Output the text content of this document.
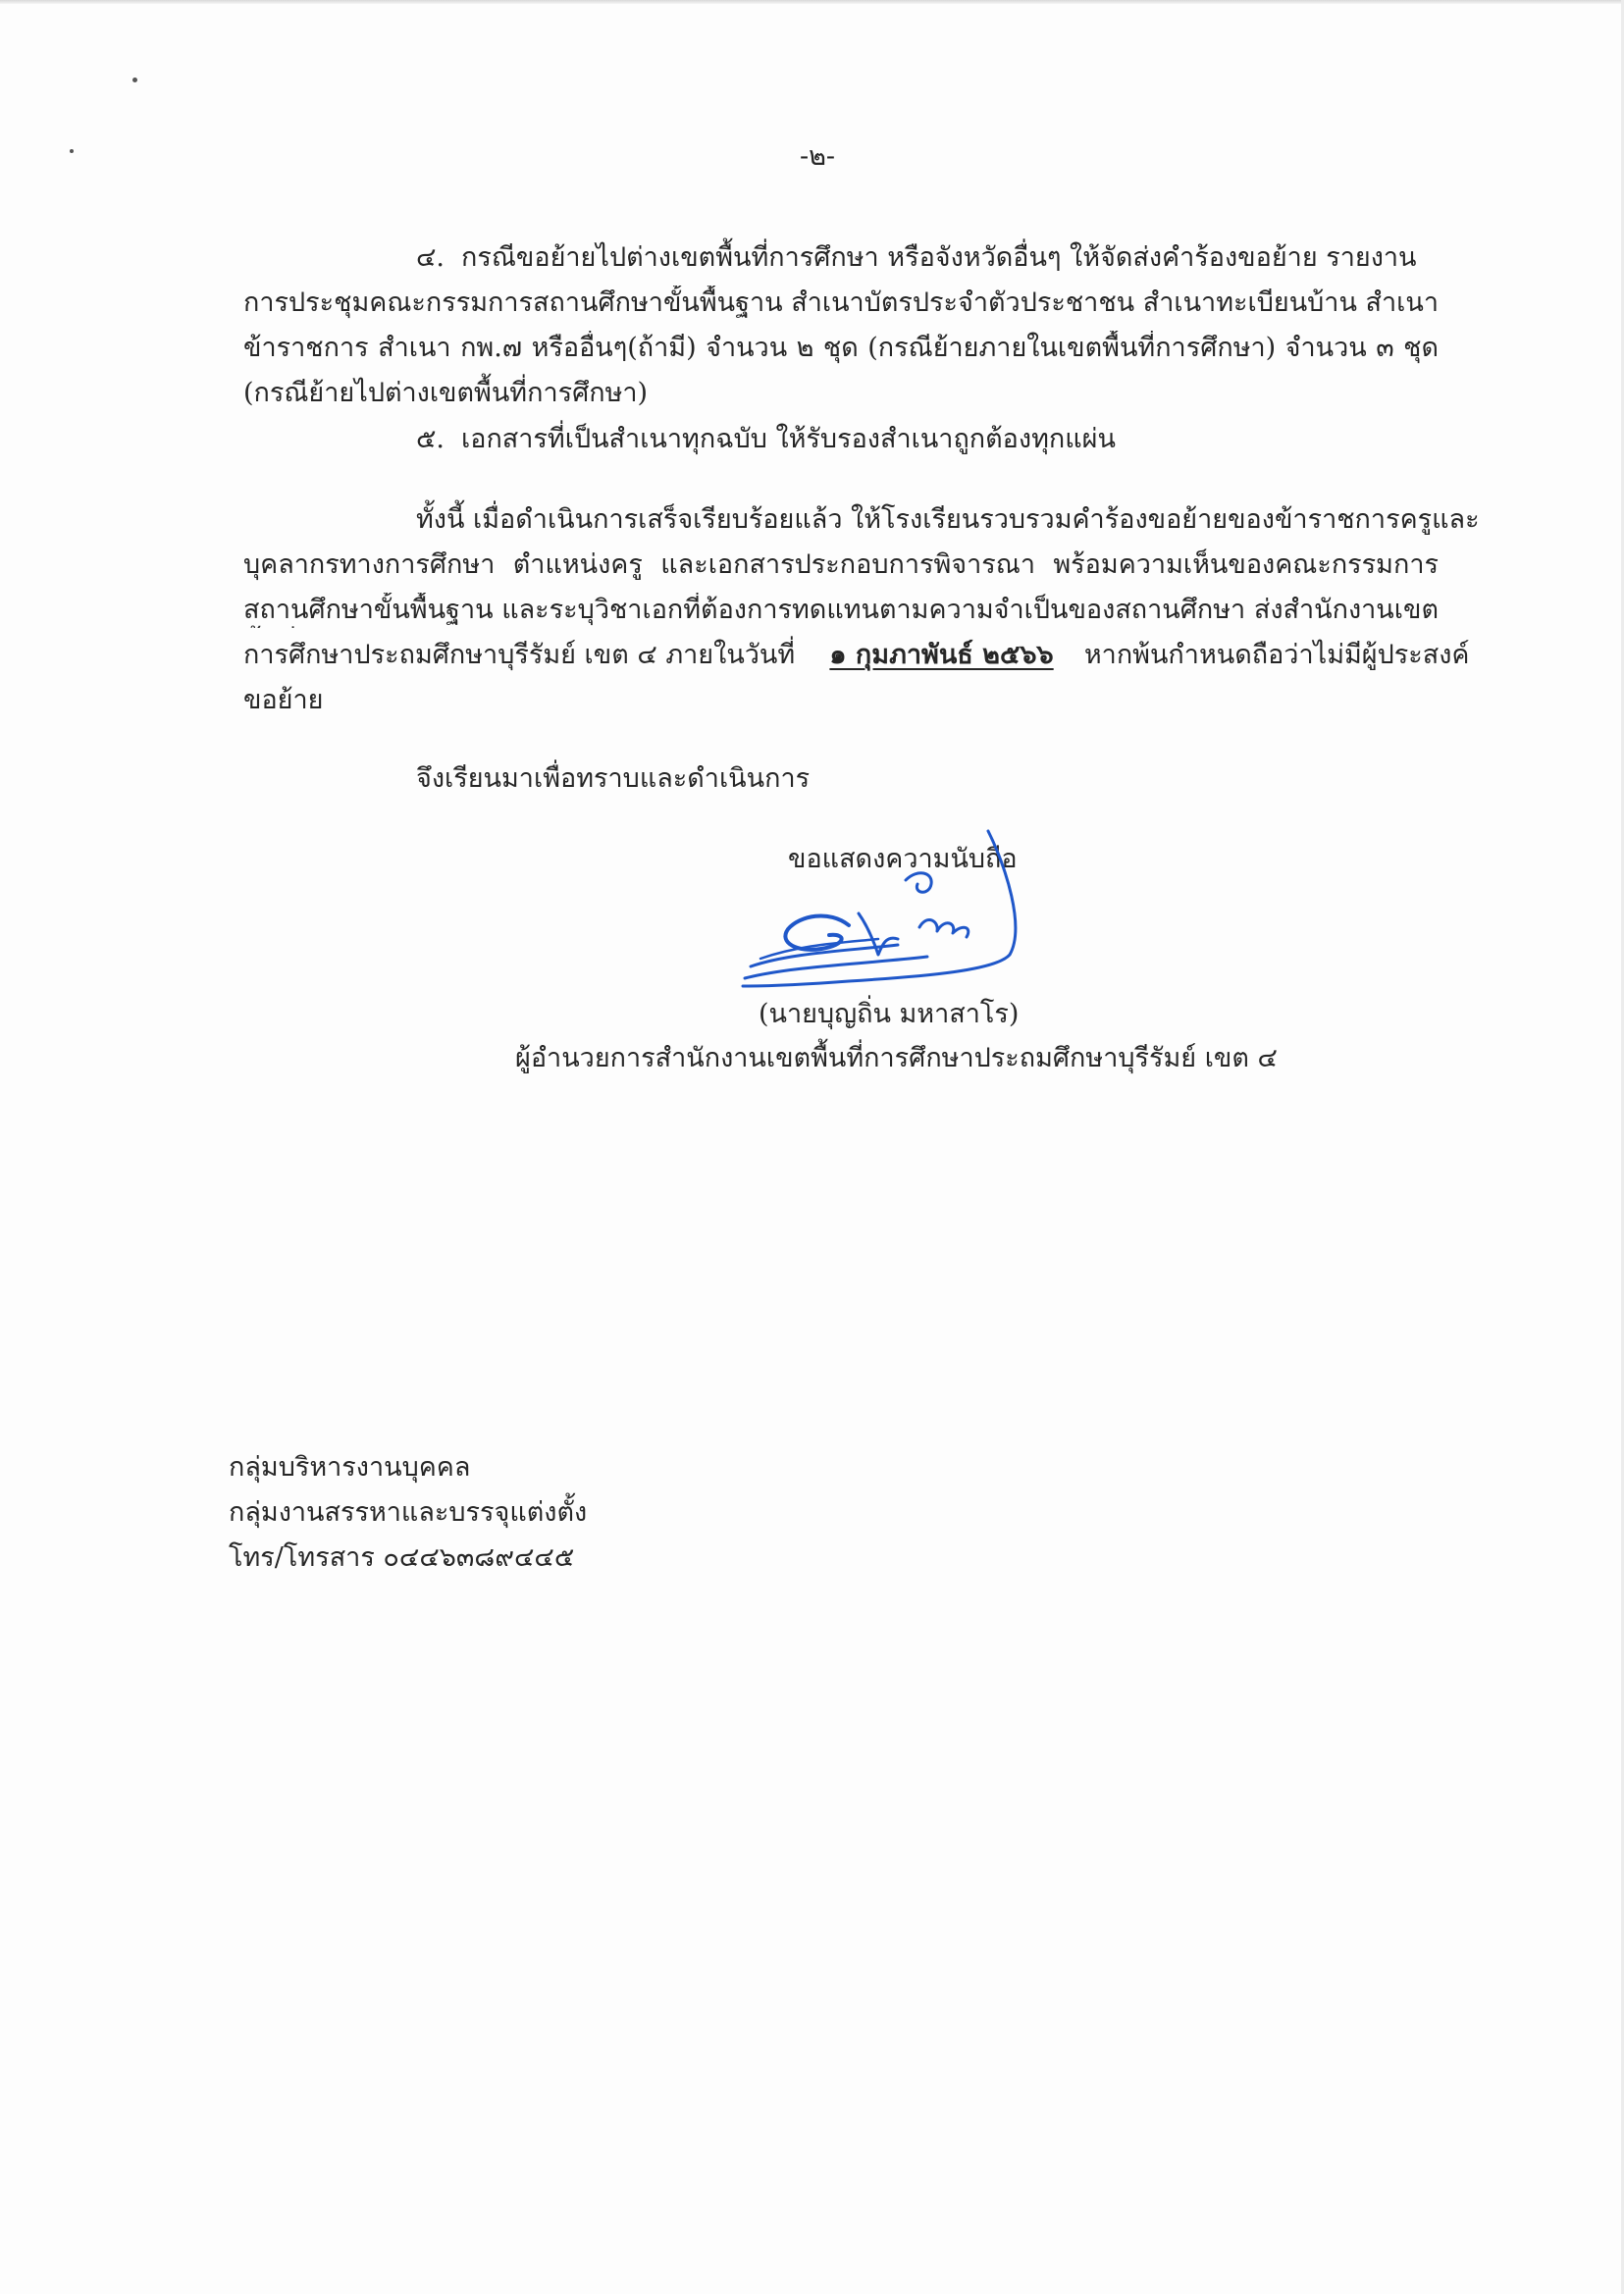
-๒-
๔. กรณีขอย้ายไปต่างเขตพื้นที่การศึกษา หรือจังหวัดอื่นๆ ให้จัดส่งคำร้องขอย้าย รายงาน
การประชุมคณะกรรมการสถานศึกษาขั้นพื้นฐาน สำเนาบัตรประจำตัวประชาชน สำเนาทะเบียนบ้าน สำเนา
ข้าราชการ สำเนา กพ.๗ หรืออื่นๆ(ถ้ามี) จำนวน ๒ ชุด (กรณีย้ายภายในเขตพื้นที่การศึกษา) จำนวน ๓ ชุด
(กรณีย้ายไปต่างเขตพื้นที่การศึกษา)
๕. เอกสารที่เป็นสำเนาทุกฉบับ ให้รับรองสำเนาถูกต้องทุกแผ่น
ทั้งนี้ เมื่อดำเนินการเสร็จเรียบร้อยแล้ว ให้โรงเรียนรวบรวมคำร้องขอย้ายของข้าราชการครูและ
บุคลากรทางการศึกษา ตำแหน่งครู และเอกสารประกอบการพิจารณา พร้อมความเห็นของคณะกรรมการ
สถานศึกษาขั้นพื้นฐาน และระบุวิชาเอกที่ต้องการทดแทนตามความจำเป็นของสถานศึกษา ส่งสำนักงานเขต
การศึกษาประถมศึกษาบุรีรัมย์ เขต ๔ ภายในวันที่ ๑ กุมภาพันธ์ ๒๕๖๖ หากพ้นกำหนดถือว่าไม่มีผู้ประสงค์
ขอย้าย
จึงเรียนมาเพื่อทราบและดำเนินการ
ขอแสดงความนับถือ
(นายบุญถิ่น มหาสาโร)
ผู้อำนวยการสำนักงานเขตพื้นที่การศึกษาประถมศึกษาบุรีรัมย์ เขต ๔
กลุ่มบริหารงานบุคคล
กลุ่มงานสรรหาและบรรจุแต่งตั้ง
โทร/โทรสาร ๐๔๔๖๓๘๙๔๔๕
